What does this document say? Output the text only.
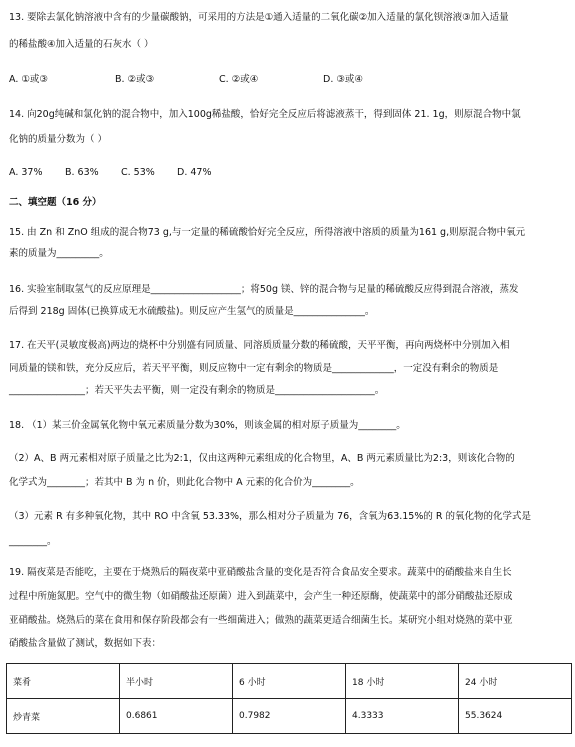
13. 要除去氯化钠溶液中含有的少量碳酸钠，可采用的方法是①通入适量的二氧化碳②加入适量的氯化钡溶液③加入适量
的稀盐酸④加入适量的石灰水（ ）
A. ①或③	B. ②或③	C. ②或④	D. ③或④
14. 向20g纯碱和氯化钠的混合物中，加入100g稀盐酸，恰好完全反应后将滤液蒸干，得到固体 21. 1g，则原混合物中氯
化钠的质量分数为（ ）
A. 37% B. 63% C. 53% D. 47%
二、填空题（16 分）
15. 由 Zn 和 ZnO 组成的混合物73 g,与一定量的稀硫酸恰好完全反应，所得溶液中溶质的质量为161 g,则原混合物中氧元
素的质量为_________。
16. 实验室制取氢气的反应原理是___________________；将50g 镁、锌的混合物与足量的稀硫酸反应得到混合溶液，蒸发
后得到 218g 固体(已换算成无水硫酸盐)。则反应产生氢气的质量是_______________。
17. 在天平(灵敏度极高)两边的烧杯中分别盛有同质量、同溶质质量分数的稀硫酸，天平平衡，再向两烧杯中分别加入相
同质量的镁和铁，充分反应后，若天平平衡，则反应物中一定有剩余的物质是_____________，一定没有剩余的物质是
________________；若天平失去平衡，则一定没有剩余的物质是_____________________。
18. （1）某三价金属氧化物中氧元素质量分数为30%，则该金属的相对原子质量为________。
（2）A、B 两元素相对原子质量之比为2:1，仅由这两种元素组成的化合物里，A、B 两元素质量比为2:3，则该化合物的
化学式为________；若其中 B 为 n 价，则此化合物中 A 元素的化合价为________。
（3）元素 R 有多种氧化物，其中 RO 中含氧 53.33%，那么相对分子质量为 76，含氧为63.15%的 R 的氧化物的化学式是
________。
19. 隔夜菜是否能吃，主要在于烧熟后的隔夜菜中亚硝酸盐含量的变化是否符合食品安全要求。蔬菜中的硝酸盐来自生长
过程中所施氮肥。空气中的微生物（如硝酸盐还原菌）进入到蔬菜中，会产生一种还原酶，使蔬菜中的部分硝酸盐还原成
亚硝酸盐。烧熟后的菜在食用和保存阶段都会有一些细菌进入；做熟的蔬菜更适合细菌生长。某研究小组对烧熟的菜中亚
硝酸盐含量做了测试，数据如下表：
菜肴	半小时	6 小时	18 小时	24 小时
炒青菜	0.6861	0.7982	4.3333	55.3624
